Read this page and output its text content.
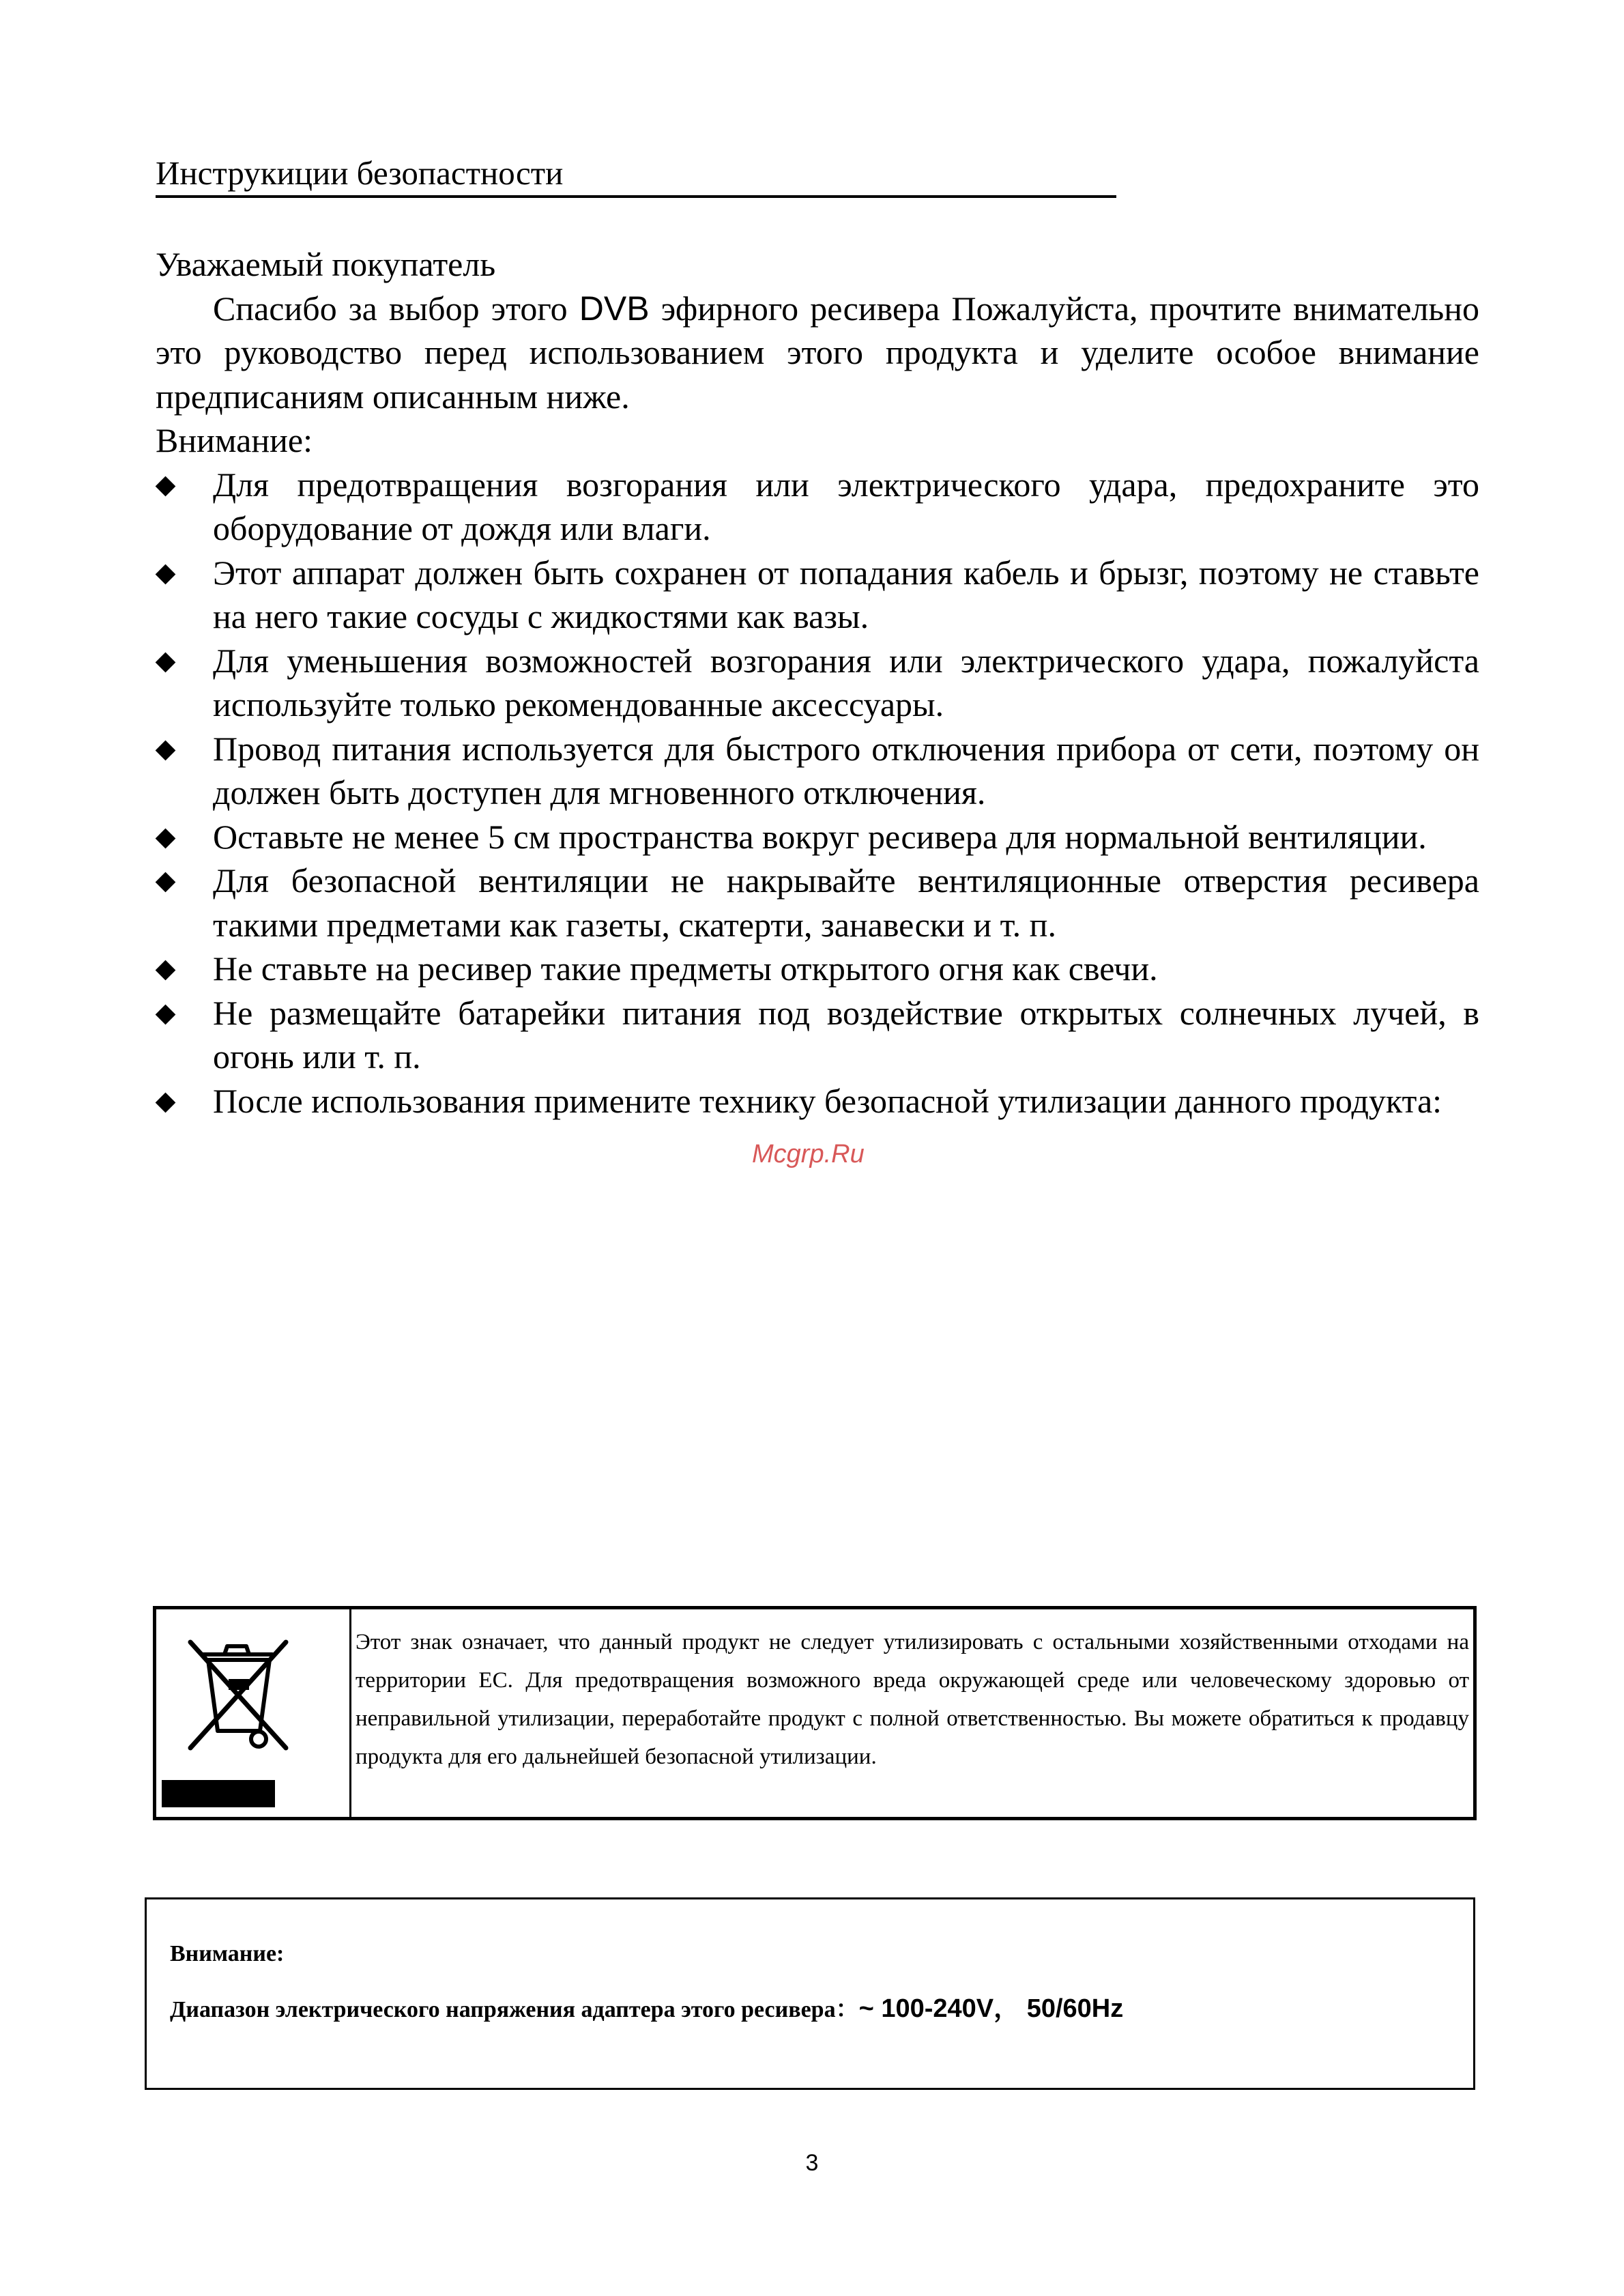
Инструкиции безопастности

Уважаемый покупатель

Спасибо за выбор этого DVB эфирного ресивера Пожалуйста, прочтите внимательно это руководство перед использованием этого продукта и уделите особое внимание предписаниям описанным ниже.

Внимание:

Для предотвращения возгорания или электрического удара, предохраните это оборудование от дождя или влаги.
Этот аппарат должен быть сохранен от попадания кабель и брызг, поэтому не ставьте на него такие сосуды с жидкостями как вазы.
Для уменьшения возможностей возгорания или электрического удара, пожалуйста используйте только рекомендованные аксессуары.
Провод питания используется для быстрого отключения прибора от сети, поэтому он должен быть доступен для мгновенного отключения.
Оставьте не менее 5 см пространства вокруг ресивера для нормальной вентиляции.
Для безопасной вентиляции не накрывайте вентиляционные отверстия ресивера такими предметами как газеты, скатерти, занавески и т. п.
Не ставьте на ресивер такие предметы открытого огня как свечи.
Не размещайте батарейки питания под воздействие открытых солнечных лучей, в огонь или т. п.
После использования примените технику безопасной утилизации данного продукта:
Mcgrp.Ru
Этот знак означает, что данный продукт не следует утилизировать с остальными хозяйственными отходами на территории ЕС. Для предотвращения возможного вреда окружающей среде или человеческому здоровью от неправильной утилизации, переработайте продукт с полной ответственностью. Вы можете обратиться к продавцу продукта для его дальнейшей безопасной утилизации.

Внимание:

Диапазон электрического напряжения адаптера этого ресивера：~ 100-240V， 50/60Hz

3
